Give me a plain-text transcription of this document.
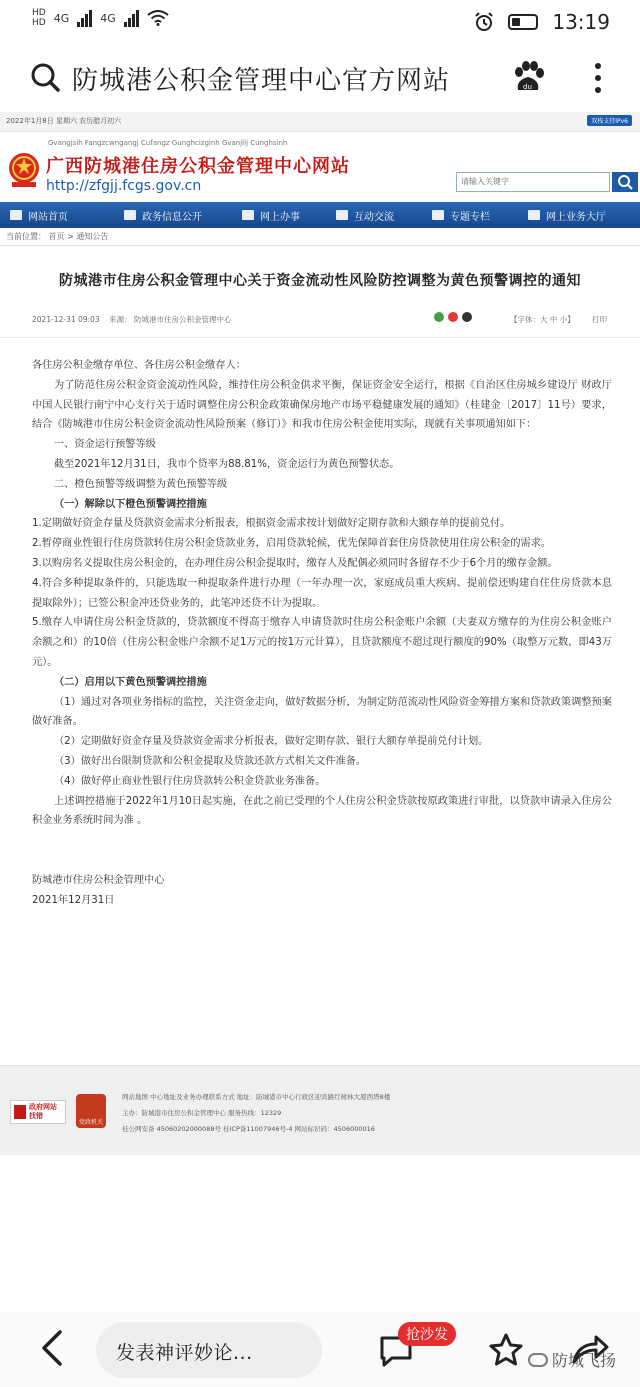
HD
HD 4G	4G	13:19
防城港公积金管理中心官方网站	du
2022年1月8日 星期六 农历腊月初六	双栈支持IPv6
Gvangjsih Fangzcwngangj Cufangz Gunghcizginh Gvanjlij Cunghsinh
广西防城港住房公积金管理中心网站
http://zfgjj.fcgs.gov.cn	请输入关键字
网站首页	政务信息公开	网上办事	互动交流	专题专栏	网上业务大厅
当前位置： 首页 > 通知公告
防城港市住房公积金管理中心关于资金流动性风险防控调整为黄色预警调控的通知
2021-12-31 09:03 来源： 防城港市住房公积金管理中心	【字体：大 中 小】 打印

各住房公积金缴存单位、各住房公积金缴存人：

为了防范住房公积金资金流动性风险，维持住房公积金供求平衡，保证资金安全运行，根据《自治区住房城乡建设厅 财政厅 中国人民银行南宁中心支行关于适时调整住房公积金政策确保房地产市场平稳健康发展的通知》（桂建金〔2017〕11号）要求，结合《防城港市住房公积金资金流动性风险预案（修订）》和我市住房公积金使用实际，现就有关事项通知如下：

一、资金运行预警等级

截至2021年12月31日，我市个贷率为88.81%，资金运行为黄色预警状态。

二、橙色预警等级调整为黄色预警等级

（一）解除以下橙色预警调控措施

1.定期做好资金存量及贷款资金需求分析报表，根据资金需求按计划做好定期存款和大额存单的提前兑付。

2.暂停商业性银行住房贷款转住房公积金贷款业务，启用贷款轮候，优先保障首套住房贷款使用住房公积金的需求。

3.以购房名义提取住房公积金的，在办理住房公积金提取时，缴存人及配偶必须同时各留存不少于6个月的缴存金额。

4.符合多种提取条件的，只能选取一种提取条件进行办理（一年办理一次，家庭成员重大疾病、提前偿还购建自住住房贷款本息提取除外）；已签公积金冲还贷业务的，此笔冲还贷不计为提取。

5.缴存人申请住房公积金贷款的，贷款额度不得高于缴存人申请贷款时住房公积金账户余额（夫妻双方缴存的为住房公积金账户余额之和）的10倍（住房公积金账户余额不足1万元的按1万元计算），且贷款额度不超过现行额度的90%（取整万元数，即43万元）。

（二）启用以下黄色预警调控措施

（1）通过对各项业务指标的监控，关注资金走向，做好数据分析，为制定防范流动性风险资金筹措方案和贷款政策调整预案做好准备。

（2）定期做好资金存量及贷款资金需求分析报表，做好定期存款、银行大额存单提前兑付计划。

（3）做好出台限制贷款和公积金提取及贷款还款方式相关文件准备。

（4）做好停止商业性银行住房贷款转公积金贷款业务准备。

上述调控措施于2022年1月10日起实施，在此之前已受理的个人住房公积金贷款按原政策进行审批，以贷款申请录入住房公积金业务系统时间为准 。

防城港市住房公积金管理中心

2021年12月31日

政府网站
找错
党政机关
网站地图 中心地址及业务办理联系方式 地址：防城港市中心行政区迎宾路红树林大厦西塔8楼
主办：防城港市住房公积金管理中心 服务热线：12329
桂公网安备 45060202000088号 桂ICP备11007946号-4 网站标识码：4506000016
发表神评妙论...
抢沙发
防城飞扬
